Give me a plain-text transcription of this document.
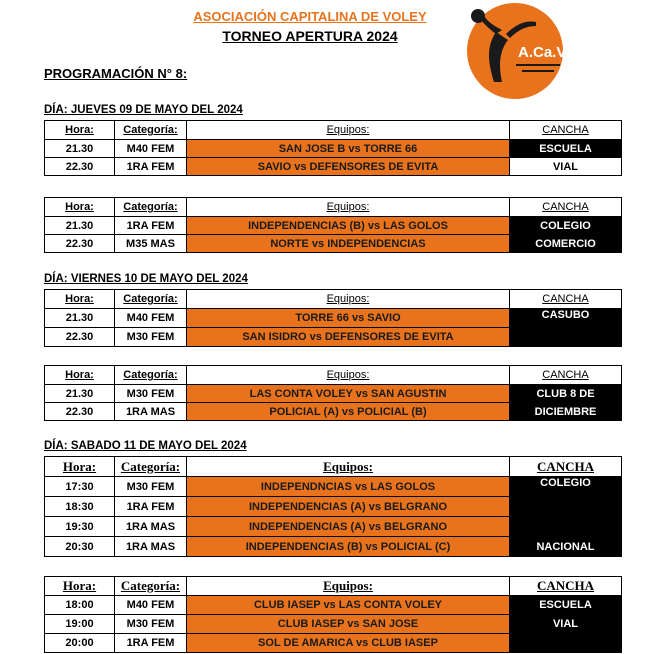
ASOCIACIÓN CAPITALINA DE VOLEY
TORNEO APERTURA 2024
PROGRAMACIÓN N° 8:
A.Ca.V.
DÍA: JUEVES 09 DE MAYO DEL 2024
Hora:	Categoría:	Equipos:	CANCHA
21.30	M40 FEM	SAN JOSE B vs TORRE 66	ESCUELA
22.30	1RA FEM	SAVIO vs DEFENSORES DE EVITA	VIAL
Hora:	Categoría:	Equipos:	CANCHA
21.30	1RA FEM	INDEPENDENCIAS (B) vs LAS GOLOS	COLEGIO
22.30	M35 MAS	NORTE vs INDEPENDENCIAS	COMERCIO
DÍA: VIERNES 10 DE MAYO DEL 2024
Hora:	Categoría:	Equipos:	CANCHA
21.30	M40 FEM	TORRE 66 vs SAVIO	CASUBO
22.30	M30 FEM	SAN ISIDRO vs DEFENSORES DE EVITA	
Hora:	Categoría:	Equipos:	CANCHA
21.30	M30 FEM	LAS CONTA VOLEY vs SAN AGUSTIN	CLUB 8 DE
22.30	1RA MAS	POLICIAL (A) vs POLICIAL (B)	DICIEMBRE
DÍA: SABADO 11 DE MAYO DEL 2024
Hora:	Categoría:	Equipos:	CANCHA
17:30	M30 FEM	INDEPENDNCIAS vs LAS GOLOS	COLEGIO
18:30	1RA FEM	INDEPENDENCIAS (A) vs BELGRANO	
19:30	1RA MAS	INDEPENDENCIAS (A) vs BELGRANO	
20:30	1RA MAS	INDEPENDENCIAS (B) vs POLICIAL (C)	NACIONAL
Hora:	Categoría:	Equipos:	CANCHA
18:00	M40 FEM	CLUB IASEP vs LAS CONTA VOLEY	ESCUELA
19:00	M30 FEM	CLUB IASEP vs SAN JOSE	VIAL
20:00	1RA FEM	SOL DE AMARICA vs CLUB IASEP	
